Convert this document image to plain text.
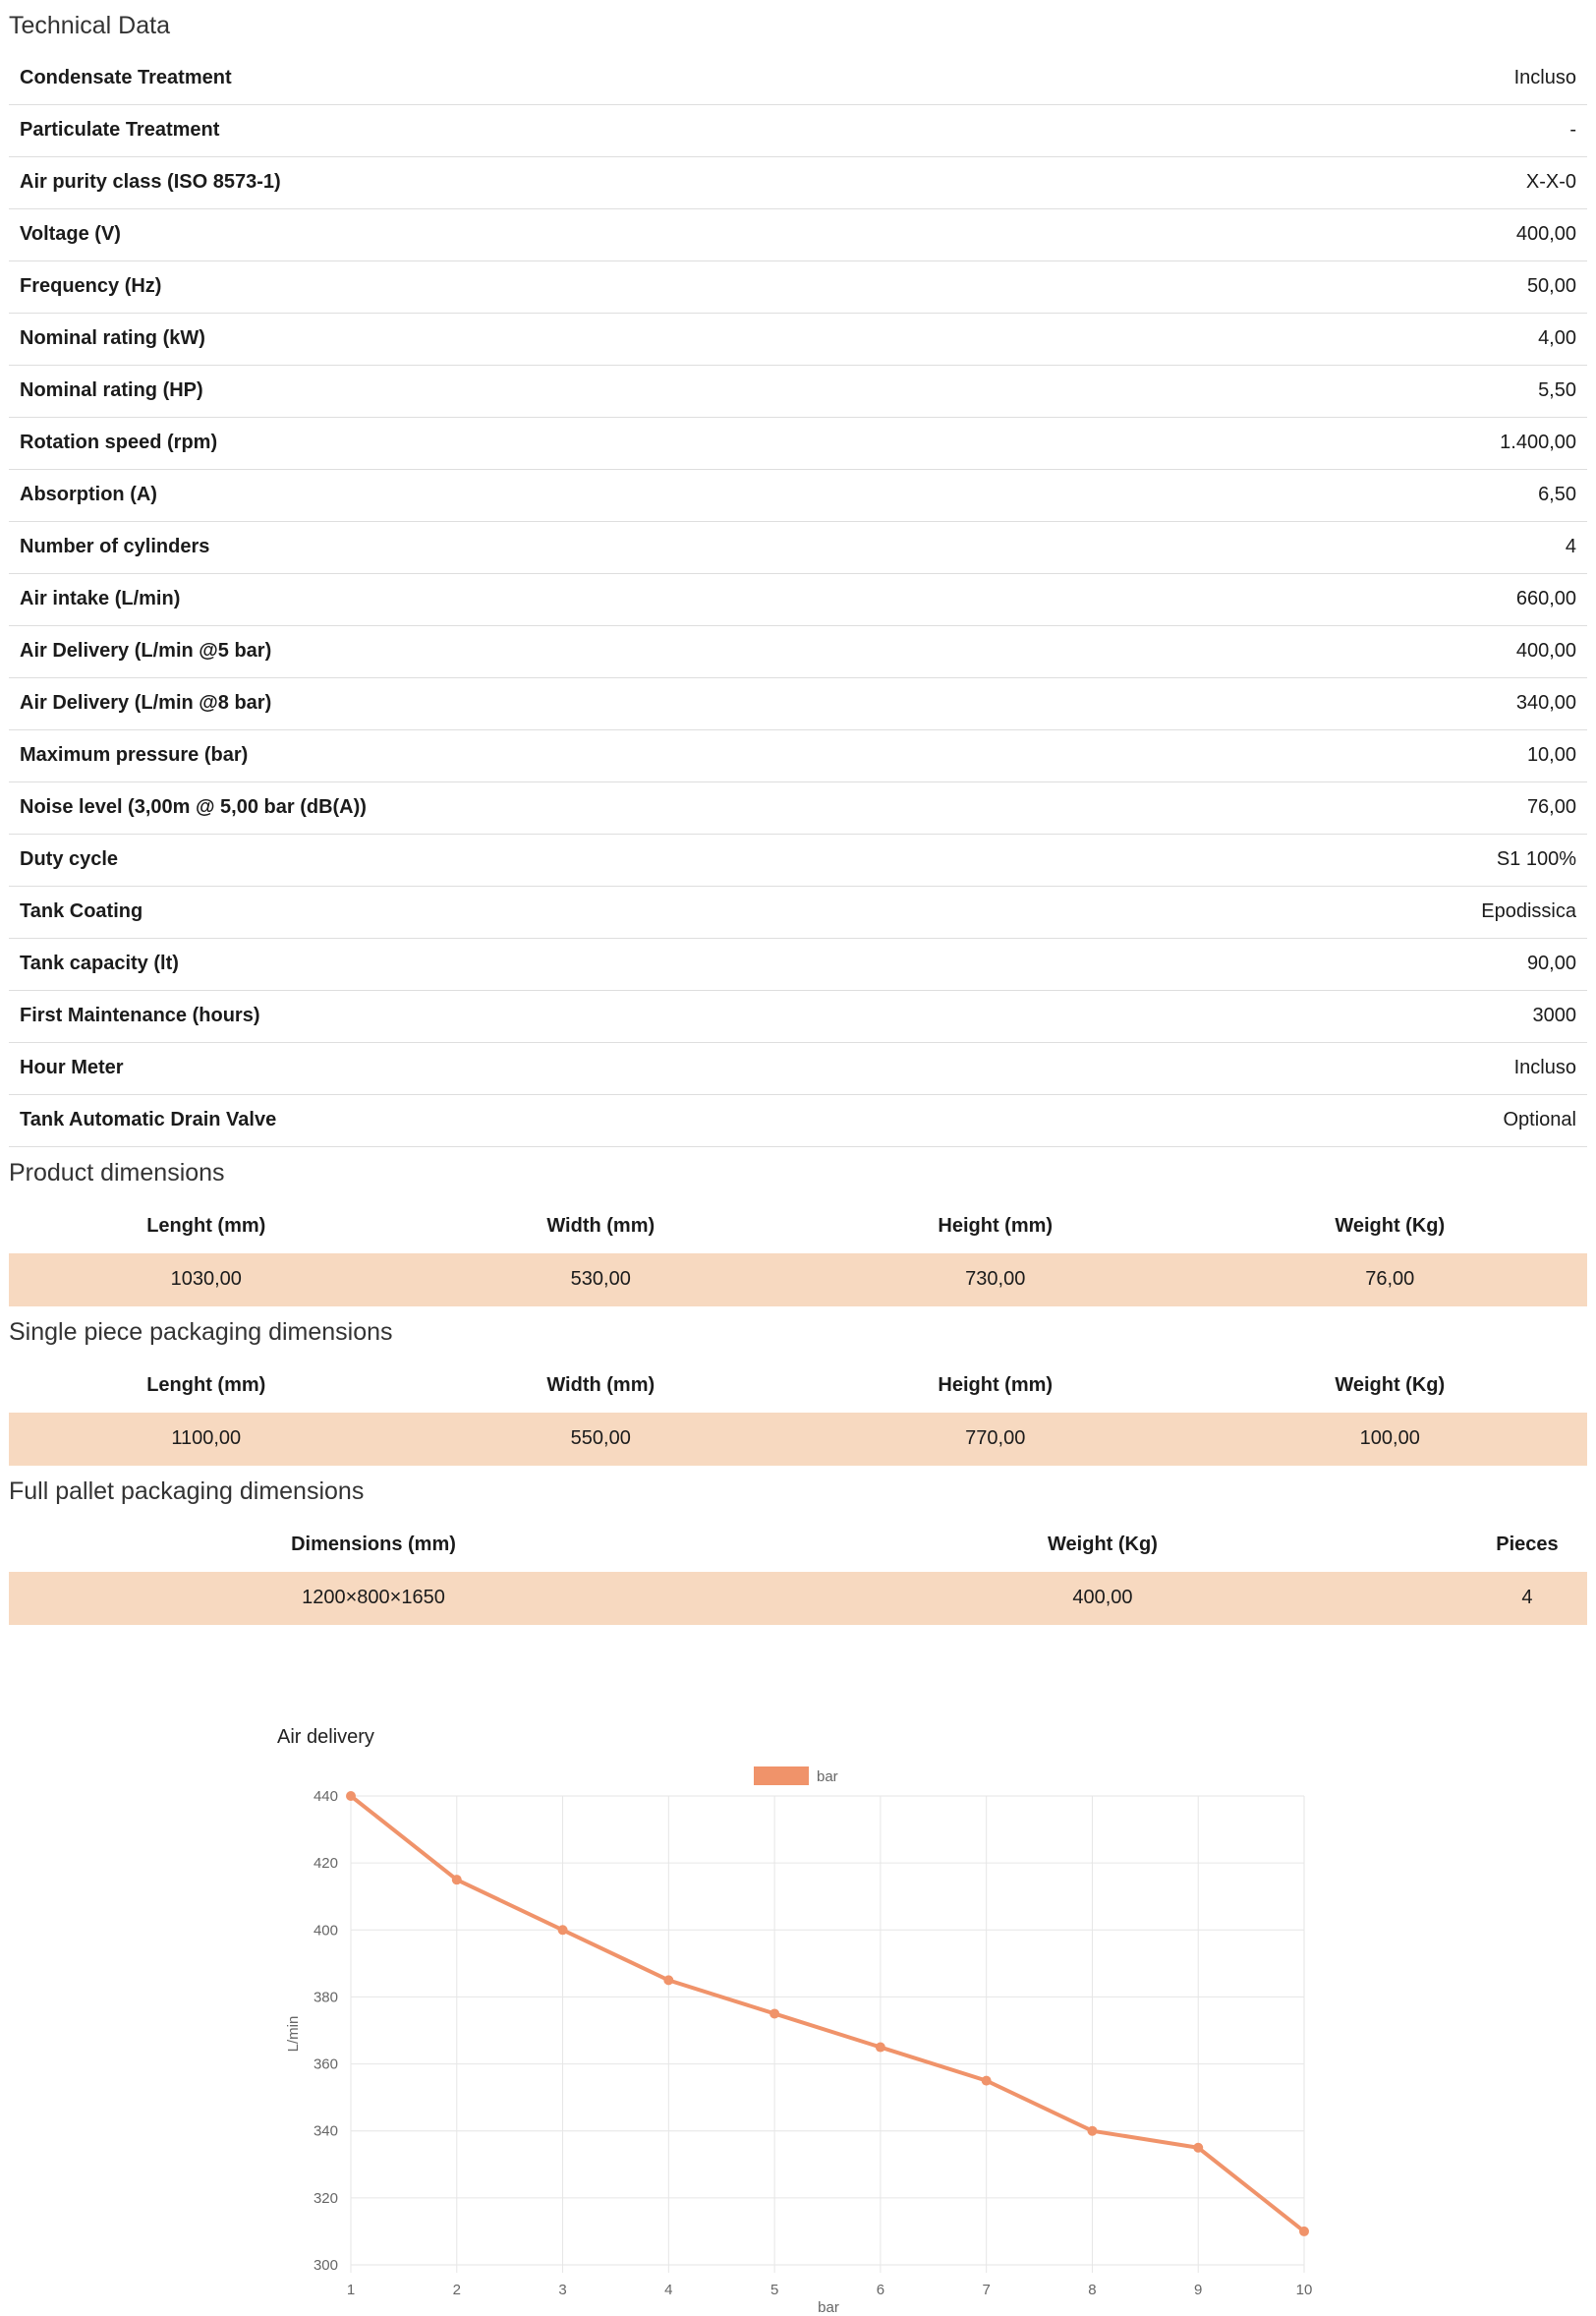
Technical Data
Condensate Treatment	Incluso
Particulate Treatment	-
Air purity class (ISO 8573-1)	X-X-0
Voltage (V)	400,00
Frequency (Hz)	50,00
Nominal rating (kW)	4,00
Nominal rating (HP)	5,50
Rotation speed (rpm)	1.400,00
Absorption (A)	6,50
Number of cylinders	4
Air intake (L/min)	660,00
Air Delivery (L/min @5 bar)	400,00
Air Delivery (L/min @8 bar)	340,00
Maximum pressure (bar)	10,00
Noise level (3,00m @ 5,00 bar (dB(A))	76,00
Duty cycle	S1 100%
Tank Coating	Epodissica
Tank capacity (lt)	90,00
First Maintenance (hours)	3000
Hour Meter	Incluso
Tank Automatic Drain Valve	Optional
Product dimensions
Lenght (mm)	Width (mm)	Height (mm)	Weight (Kg)
1030,00	530,00	730,00	76,00
Single piece packaging dimensions
Lenght (mm)	Width (mm)	Height (mm)	Weight (Kg)
1100,00	550,00	770,00	100,00
Full pallet packaging dimensions
Dimensions (mm)	Weight (Kg)	Pieces
1200×800×1650	400,00	4
Air delivery
300
320
340
360
380
400
420
440
1	2	3	4	5	6	7	8	9	10
bar
L/min
bar
